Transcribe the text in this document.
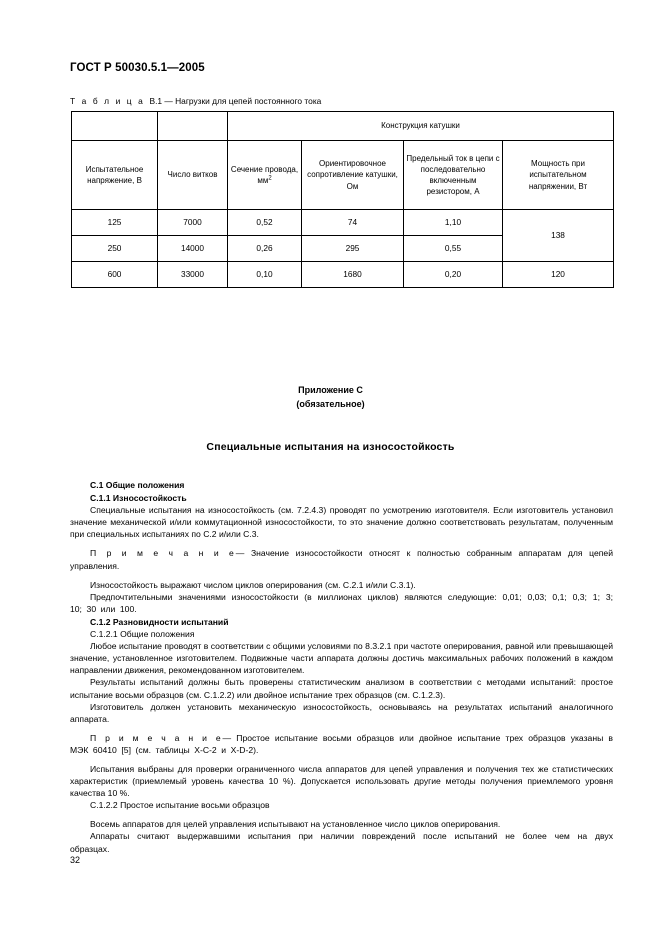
ГОСТ Р 50030.5.1—2005
Т а б л и ц а В.1 — Нагрузки для цепей постоянного тока
		Конструкция катушки			
Испытательное напряжение, В	Число витков	Сечение провода, $мм^2$	Ориентировочное сопротивление катушки, Ом	Предельный ток в цепи с последовательно включенным резистором, А	Мощность при испытательном напряжении, Вт
125	7000	0,52	74	1,10	138
250	14000	0,26	295	0,55	
600	33000	0,10	1680	0,20	120
Приложение С
(обязательное)
Специальные испытания на износостойкость

С.1 Общие положения

С.1.1 Износостойкость

Специальные испытания на износостойкость (см. 7.2.4.3) проводят по усмотрению изготовителя. Если изготовитель установил значение механической и/или коммутационной износостойкости, то это значение должно соответствовать результатам, полученным при специальных испытаниях по С.2 и/или С.3.

П р и м е ч а н и е— Значение износостойкости относят к полностью собранным аппаратам для цепей управления.

Износостойкость выражают числом циклов оперирования (см. С.2.1 и/или С.3.1).

Предпочтительными значениями износостойкости (в миллионах циклов) являются следующие: 0,01; 0,03; 0,1; 0,3; 1; 3; 10; 30 или 100.

С.1.2 Разновидности испытаний

С.1.2.1 Общие положения

Любое испытание проводят в соответствии с общими условиями по 8.3.2.1 при частоте оперирования, равной или превышающей значение, установленное изготовителем. Подвижные части аппарата должны достичь максимальных рабочих положений в каждом направлении движения, рекомендованном изготовителем.

Результаты испытаний должны быть проверены статистическим анализом в соответствии с методами испытаний: простое испытание восьми образцов (см. С.1.2.2) или двойное испытание трех образцов (см. С.1.2.3).

Изготовитель должен установить механическую износостойкость, основываясь на результатах испытаний аналогичного аппарата.

П р и м е ч а н и е— Простое испытание восьми образцов или двойное испытание трех образцов указаны в МЭК 60410 [5] (см. таблицы Х-С-2 и Х-D-2).

Испытания выбраны для проверки ограниченного числа аппаратов для цепей управления и получения тех же статистических характеристик (приемлемый уровень качества 10 %). Допускается использовать другие методы получения приемлемого уровня качества 10 %.

С.1.2.2 Простое испытание восьми образцов

Восемь аппаратов для целей управления испытывают на установленное число циклов оперирования.

Аппараты считают выдержавшими испытания при наличии повреждений после испытаний не более чем на двух образцах.

32
